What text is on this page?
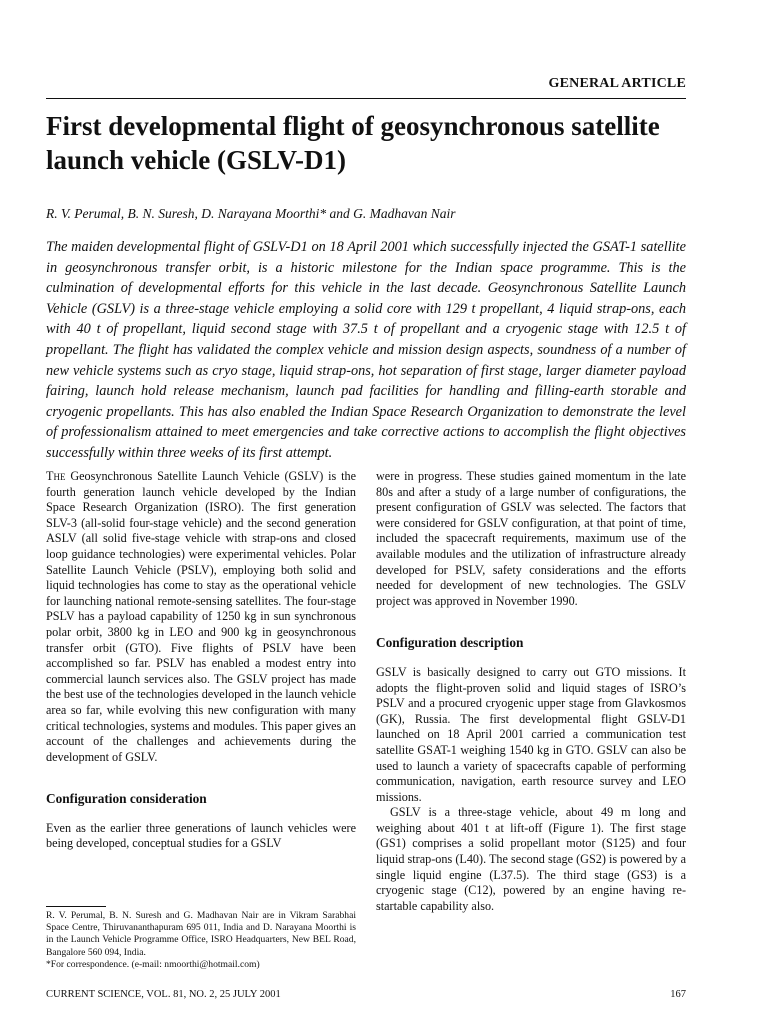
GENERAL ARTICLE
First developmental flight of geosynchronous satellite launch vehicle (GSLV-D1)

R. V. Perumal, B. N. Suresh, D. Narayana Moorthi* and G. Madhavan Nair

The maiden developmental flight of GSLV-D1 on 18 April 2001 which successfully injected the GSAT-1 satellite in geosynchronous transfer orbit, is a historic milestone for the Indian space programme. This is the culmination of developmental efforts for this vehicle in the last decade. Geosynchronous Satellite Launch Vehicle (GSLV) is a three-stage vehicle employing a solid core with 129 t propellant, 4 liquid strap-ons, each with 40 t of propellant, liquid second stage with 37.5 t of propellant and a cryogenic stage with 12.5 t of propellant. The flight has validated the complex vehicle and mission design aspects, soundness of a number of new vehicle systems such as cryo stage, liquid strap-ons, hot separation of first stage, larger diameter payload fairing, launch hold release mechanism, launch pad facilities for handling and filling-earth storable and cryogenic propellants. This has also enabled the Indian Space Research Organization to demonstrate the level of professionalism attained to meet emergencies and take corrective actions to accomplish the flight objectives successfully within three weeks of its first attempt.

The Geosynchronous Satellite Launch Vehicle (GSLV) is the fourth generation launch vehicle developed by the Indian Space Research Organization (ISRO). The first generation SLV-3 (all-solid four-stage vehicle) and the second generation ASLV (all solid five-stage vehicle with strap-ons and closed loop guidance technologies) were experimental vehicles. Polar Satellite Launch Vehicle (PSLV), employing both solid and liquid technologies has come to stay as the operational vehicle for launching national remote-sensing satellites. The four-stage PSLV has a payload capability of 1250 kg in sun synchronous polar orbit, 3800 kg in LEO and 900 kg in geosynchronous transfer orbit (GTO). Five flights of PSLV have been accomplished so far. PSLV has enabled a modest entry into commercial launch services also. The GSLV project has made the best use of the technologies developed in the launch vehicle area so far, while evolving this new configuration with many critical technologies, systems and modules. This paper gives an account of the challenges and achievements during the development of GSLV.

Configuration consideration

Even as the earlier three generations of launch vehicles were being developed, conceptual studies for a GSLV

were in progress. These studies gained momentum in the late 80s and after a study of a large number of configurations, the present configuration of GSLV was selected. The factors that were considered for GSLV configuration, at that point of time, included the spacecraft requirements, maximum use of the available modules and the utilization of infrastructure already developed for PSLV, safety considerations and the efforts needed for development of new technologies. The GSLV project was approved in November 1990.

Configuration description

GSLV is basically designed to carry out GTO missions. It adopts the flight-proven solid and liquid stages of ISRO’s PSLV and a procured cryogenic upper stage from Glavkosmos (GK), Russia. The first developmental flight GSLV-D1 launched on 18 April 2001 carried a communication test satellite GSAT-1 weighing 1540 kg in GTO. GSLV can also be used to launch a variety of spacecrafts capable of performing communication, navigation, earth resource survey and LEO missions.

GSLV is a three-stage vehicle, about 49 m long and weighing about 401 t at lift-off (Figure 1). The first stage (GS1) comprises a solid propellant motor (S125) and four liquid strap-ons (L40). The second stage (GS2) is powered by a single liquid engine (L37.5). The third stage (GS3) is a cryogenic stage (C12), powered by an engine having re-startable capability also.

R. V. Perumal, B. N. Suresh and G. Madhavan Nair are in Vikram Sarabhai Space Centre, Thiruvananthapuram 695 011, India and D. Narayana Moorthi is in the Launch Vehicle Programme Office, ISRO Headquarters, New BEL Road, Bangalore 560 094, India.
*For correspondence. (e-mail: nmoorthi@hotmail.com)

CURRENT SCIENCE, VOL. 81, NO. 2, 25 JULY 2001	167
